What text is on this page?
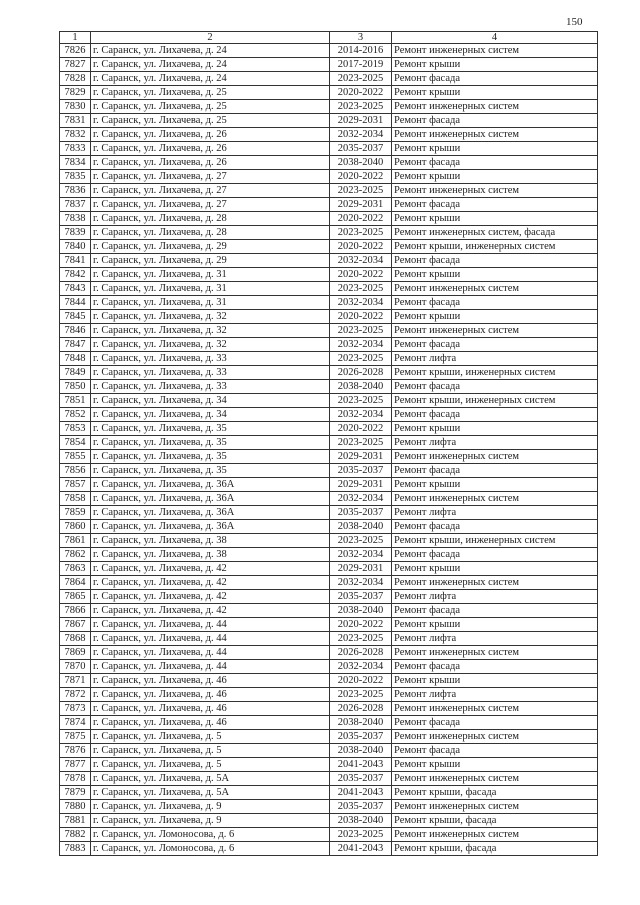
150
1	2	3	4
7826	г. Саранск, ул. Лихачева, д. 24	2014-2016	Ремонт инженерных систем
7827	г. Саранск, ул. Лихачева, д. 24	2017-2019	Ремонт крыши
7828	г. Саранск, ул. Лихачева, д. 24	2023-2025	Ремонт фасада
7829	г. Саранск, ул. Лихачева, д. 25	2020-2022	Ремонт крыши
7830	г. Саранск, ул. Лихачева, д. 25	2023-2025	Ремонт инженерных систем
7831	г. Саранск, ул. Лихачева, д. 25	2029-2031	Ремонт фасада
7832	г. Саранск, ул. Лихачева, д. 26	2032-2034	Ремонт инженерных систем
7833	г. Саранск, ул. Лихачева, д. 26	2035-2037	Ремонт крыши
7834	г. Саранск, ул. Лихачева, д. 26	2038-2040	Ремонт фасада
7835	г. Саранск, ул. Лихачева, д. 27	2020-2022	Ремонт крыши
7836	г. Саранск, ул. Лихачева, д. 27	2023-2025	Ремонт инженерных систем
7837	г. Саранск, ул. Лихачева, д. 27	2029-2031	Ремонт фасада
7838	г. Саранск, ул. Лихачева, д. 28	2020-2022	Ремонт крыши
7839	г. Саранск, ул. Лихачева, д. 28	2023-2025	Ремонт инженерных систем, фасада
7840	г. Саранск, ул. Лихачева, д. 29	2020-2022	Ремонт крыши, инженерных систем
7841	г. Саранск, ул. Лихачева, д. 29	2032-2034	Ремонт фасада
7842	г. Саранск, ул. Лихачева, д. 31	2020-2022	Ремонт крыши
7843	г. Саранск, ул. Лихачева, д. 31	2023-2025	Ремонт инженерных систем
7844	г. Саранск, ул. Лихачева, д. 31	2032-2034	Ремонт фасада
7845	г. Саранск, ул. Лихачева, д. 32	2020-2022	Ремонт крыши
7846	г. Саранск, ул. Лихачева, д. 32	2023-2025	Ремонт инженерных систем
7847	г. Саранск, ул. Лихачева, д. 32	2032-2034	Ремонт фасада
7848	г. Саранск, ул. Лихачева, д. 33	2023-2025	Ремонт лифта
7849	г. Саранск, ул. Лихачева, д. 33	2026-2028	Ремонт крыши, инженерных систем
7850	г. Саранск, ул. Лихачева, д. 33	2038-2040	Ремонт фасада
7851	г. Саранск, ул. Лихачева, д. 34	2023-2025	Ремонт крыши, инженерных систем
7852	г. Саранск, ул. Лихачева, д. 34	2032-2034	Ремонт фасада
7853	г. Саранск, ул. Лихачева, д. 35	2020-2022	Ремонт крыши
7854	г. Саранск, ул. Лихачева, д. 35	2023-2025	Ремонт лифта
7855	г. Саранск, ул. Лихачева, д. 35	2029-2031	Ремонт инженерных систем
7856	г. Саранск, ул. Лихачева, д. 35	2035-2037	Ремонт фасада
7857	г. Саранск, ул. Лихачева, д. 36А	2029-2031	Ремонт крыши
7858	г. Саранск, ул. Лихачева, д. 36А	2032-2034	Ремонт инженерных систем
7859	г. Саранск, ул. Лихачева, д. 36А	2035-2037	Ремонт лифта
7860	г. Саранск, ул. Лихачева, д. 36А	2038-2040	Ремонт фасада
7861	г. Саранск, ул. Лихачева, д. 38	2023-2025	Ремонт крыши, инженерных систем
7862	г. Саранск, ул. Лихачева, д. 38	2032-2034	Ремонт фасада
7863	г. Саранск, ул. Лихачева, д. 42	2029-2031	Ремонт крыши
7864	г. Саранск, ул. Лихачева, д. 42	2032-2034	Ремонт инженерных систем
7865	г. Саранск, ул. Лихачева, д. 42	2035-2037	Ремонт лифта
7866	г. Саранск, ул. Лихачева, д. 42	2038-2040	Ремонт фасада
7867	г. Саранск, ул. Лихачева, д. 44	2020-2022	Ремонт крыши
7868	г. Саранск, ул. Лихачева, д. 44	2023-2025	Ремонт лифта
7869	г. Саранск, ул. Лихачева, д. 44	2026-2028	Ремонт инженерных систем
7870	г. Саранск, ул. Лихачева, д. 44	2032-2034	Ремонт фасада
7871	г. Саранск, ул. Лихачева, д. 46	2020-2022	Ремонт крыши
7872	г. Саранск, ул. Лихачева, д. 46	2023-2025	Ремонт лифта
7873	г. Саранск, ул. Лихачева, д. 46	2026-2028	Ремонт инженерных систем
7874	г. Саранск, ул. Лихачева, д. 46	2038-2040	Ремонт фасада
7875	г. Саранск, ул. Лихачева, д. 5	2035-2037	Ремонт инженерных систем
7876	г. Саранск, ул. Лихачева, д. 5	2038-2040	Ремонт фасада
7877	г. Саранск, ул. Лихачева, д. 5	2041-2043	Ремонт крыши
7878	г. Саранск, ул. Лихачева, д. 5А	2035-2037	Ремонт инженерных систем
7879	г. Саранск, ул. Лихачева, д. 5А	2041-2043	Ремонт крыши, фасада
7880	г. Саранск, ул. Лихачева, д. 9	2035-2037	Ремонт инженерных систем
7881	г. Саранск, ул. Лихачева, д. 9	2038-2040	Ремонт крыши, фасада
7882	г. Саранск, ул. Ломоносова, д. 6	2023-2025	Ремонт инженерных систем
7883	г. Саранск, ул. Ломоносова, д. 6	2041-2043	Ремонт крыши, фасада
